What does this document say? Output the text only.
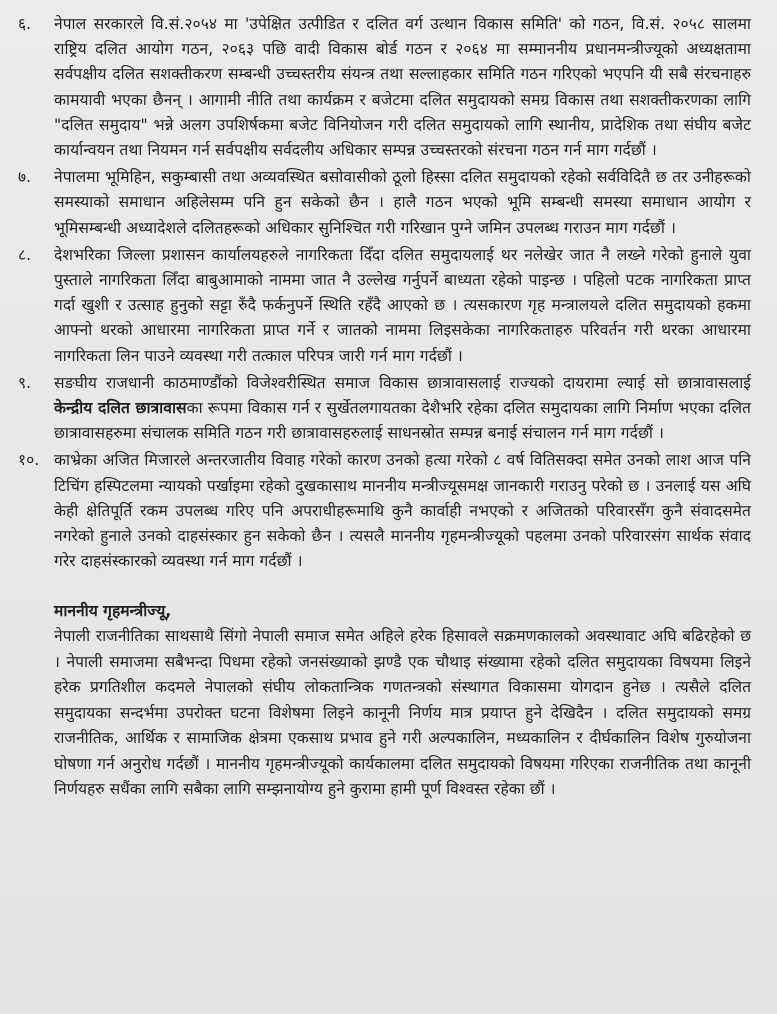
६.	नेपाल सरकारले वि.सं.२०५४ मा 'उपेक्षित उत्पीडित र दलित वर्ग उत्थान विकास समिति' को गठन, वि.सं. २०५८ सालमा राष्ट्रिय दलित आयोग गठन, २०६३ पछि वादी विकास बोर्ड गठन र २०६४ मा सम्माननीय प्रधानमन्त्रीज्यूको अध्यक्षतामा सर्वपक्षीय दलित सशक्तीकरण सम्बन्धी उच्चस्तरीय संयन्त्र तथा सल्लाहकार समिति गठन गरिएको भएपनि यी सबै संरचनाहरु कामयावी भएका छैनन् । आगामी नीति तथा कार्यक्रम र बजेटमा दलित समुदायको समग्र विकास तथा सशक्तीकरणका लागि "दलित समुदाय" भन्ने अलग उपशिर्षकमा बजेट विनियोजन गरी दलित समुदायको लागि स्थानीय, प्रादेशिक तथा संघीय बजेट कार्यान्वयन तथा नियमन गर्न सर्वपक्षीय सर्वदलीय अधिकार सम्पन्न उच्चस्तरको संरचना गठन गर्न माग गर्दछौं ।
७.	नेपालमा भूमिहिन, सकुम्बासी तथा अव्यवस्थित बसोवासीको ठूलो हिस्सा दलित समुदायको रहेको सर्वविदितै छ तर उनीहरूको समस्याको समाधान अहिलेसम्म पनि हुन सकेको छैन । हालै गठन भएको भूमि सम्बन्धी समस्या समाधान आयोग र भूमिसम्बन्धी अध्यादेशले दलितहरूको अधिकार सुनिश्चित गरी गरिखान पुग्ने जमिन उपलब्ध गराउन माग गर्दछौं ।
८.	देशभरिका जिल्ला प्रशासन कार्यालयहरुले नागरिकता दिँदा दलित समुदायलाई थर नलेखेर जात नै लख्ने गरेको हुनाले युवा पुस्ताले नागरिकता लिँदा बाबुआमाको नाममा जात नै उल्लेख गर्नुपर्ने बाध्यता रहेको पाइन्छ । पहिलो पटक नागरिकता प्राप्त गर्दा खुशी र उत्साह हुनुको सट्टा रुँदै फर्कनुपर्ने स्थिति रहँदै आएको छ । त्यसकारण गृह मन्त्रालयले दलित समुदायको हकमा आफ्नो थरको आधारमा नागरिकता प्राप्त गर्ने र जातको नाममा लिइसकेका नागरिकताहरु परिवर्तन गरी थरका आधारमा नागरिकता लिन पाउने व्यवस्था गरी तत्काल परिपत्र जारी गर्न माग गर्दछौं ।
९.	सङघीय राजधानी काठमाण्डौंको विजेश्वरीस्थित समाज विकास छात्रावासलाई राज्यको दायरामा ल्याई सो छात्रावासलाई केन्द्रीय दलित छात्रावासका रूपमा विकास गर्न र सुर्खेतलगायतका देशैभरि रहेका दलित समुदायका लागि निर्माण भएका दलित छात्रावासहरुमा संचालक समिति गठन गरी छात्रावासहरुलाई साधनस्रोत सम्पन्न बनाई संचालन गर्न माग गर्दछौं ।
१०. काभ्रेका अजित मिजारले अन्तरजातीय विवाह गरेको कारण उनको हत्या गरेको ८ वर्ष वितिसक्दा समेत उनको लाश आज पनि टिचिंग हस्पिटलमा न्यायको पर्खाइमा रहेको दुखकासाथ माननीय मन्त्रीज्यूसमक्ष जानकारी गराउनु परेको छ । उनलाई यस अघि केही क्षेतिपूर्ति रकम उपलब्ध गरिए पनि अपराधीहरूमाथि कुनै कार्वाही नभएको र अजितको परिवारसँग कुनै संवादसमेत नगरेको हुनाले उनको दाहसंस्कार हुन सकेको छैन । त्यसलै माननीय गृहमन्त्रीज्यूको पहलमा उनको परिवारसंग सार्थक संवाद गरेर दाहसंस्कारको व्यवस्था गर्न माग गर्दछौं ।
माननीय गृहमन्त्रीज्यू,
नेपाली राजनीतिका साथसाथै सिंगो नेपाली समाज समेत अहिले हरेक हिसावले सक्रमणकालको अवस्थावाट अघि बढिरहेको छ । नेपाली समाजमा सबैभन्दा पिधमा रहेको जनसंख्याको झण्डै एक चौथाइ संख्यामा रहेको दलित समुदायका विषयमा लिइने हरेक प्रगतिशील कदमले नेपालको संघीय लोकतान्त्रिक गणतन्त्रको संस्थागत विकासमा योगदान हुनेछ । त्यसैले दलित समुदायका सन्दर्भमा उपरोक्त घटना विशेषमा लिइने कानूनी निर्णय मात्र प्रयाप्त हुने देखिदैन । दलित समुदायको समग्र राजनीतिक, आर्थिक र सामाजिक क्षेत्रमा एकसाथ प्रभाव हुने गरी अल्पकालिन, मध्यकालिन र दीर्घकालिन विशेष गुरुयोजना घोषणा गर्न अनुरोध गर्दछौं । माननीय गृहमन्त्रीज्यूको कार्यकालमा दलित समुदायको विषयमा गरिएका राजनीतिक तथा कानूनी निर्णयहरु सधैंका लागि सबैका लागि सम्झनायोग्य हुने कुरामा हामी पूर्ण विश्वस्त रहेका छौं ।
